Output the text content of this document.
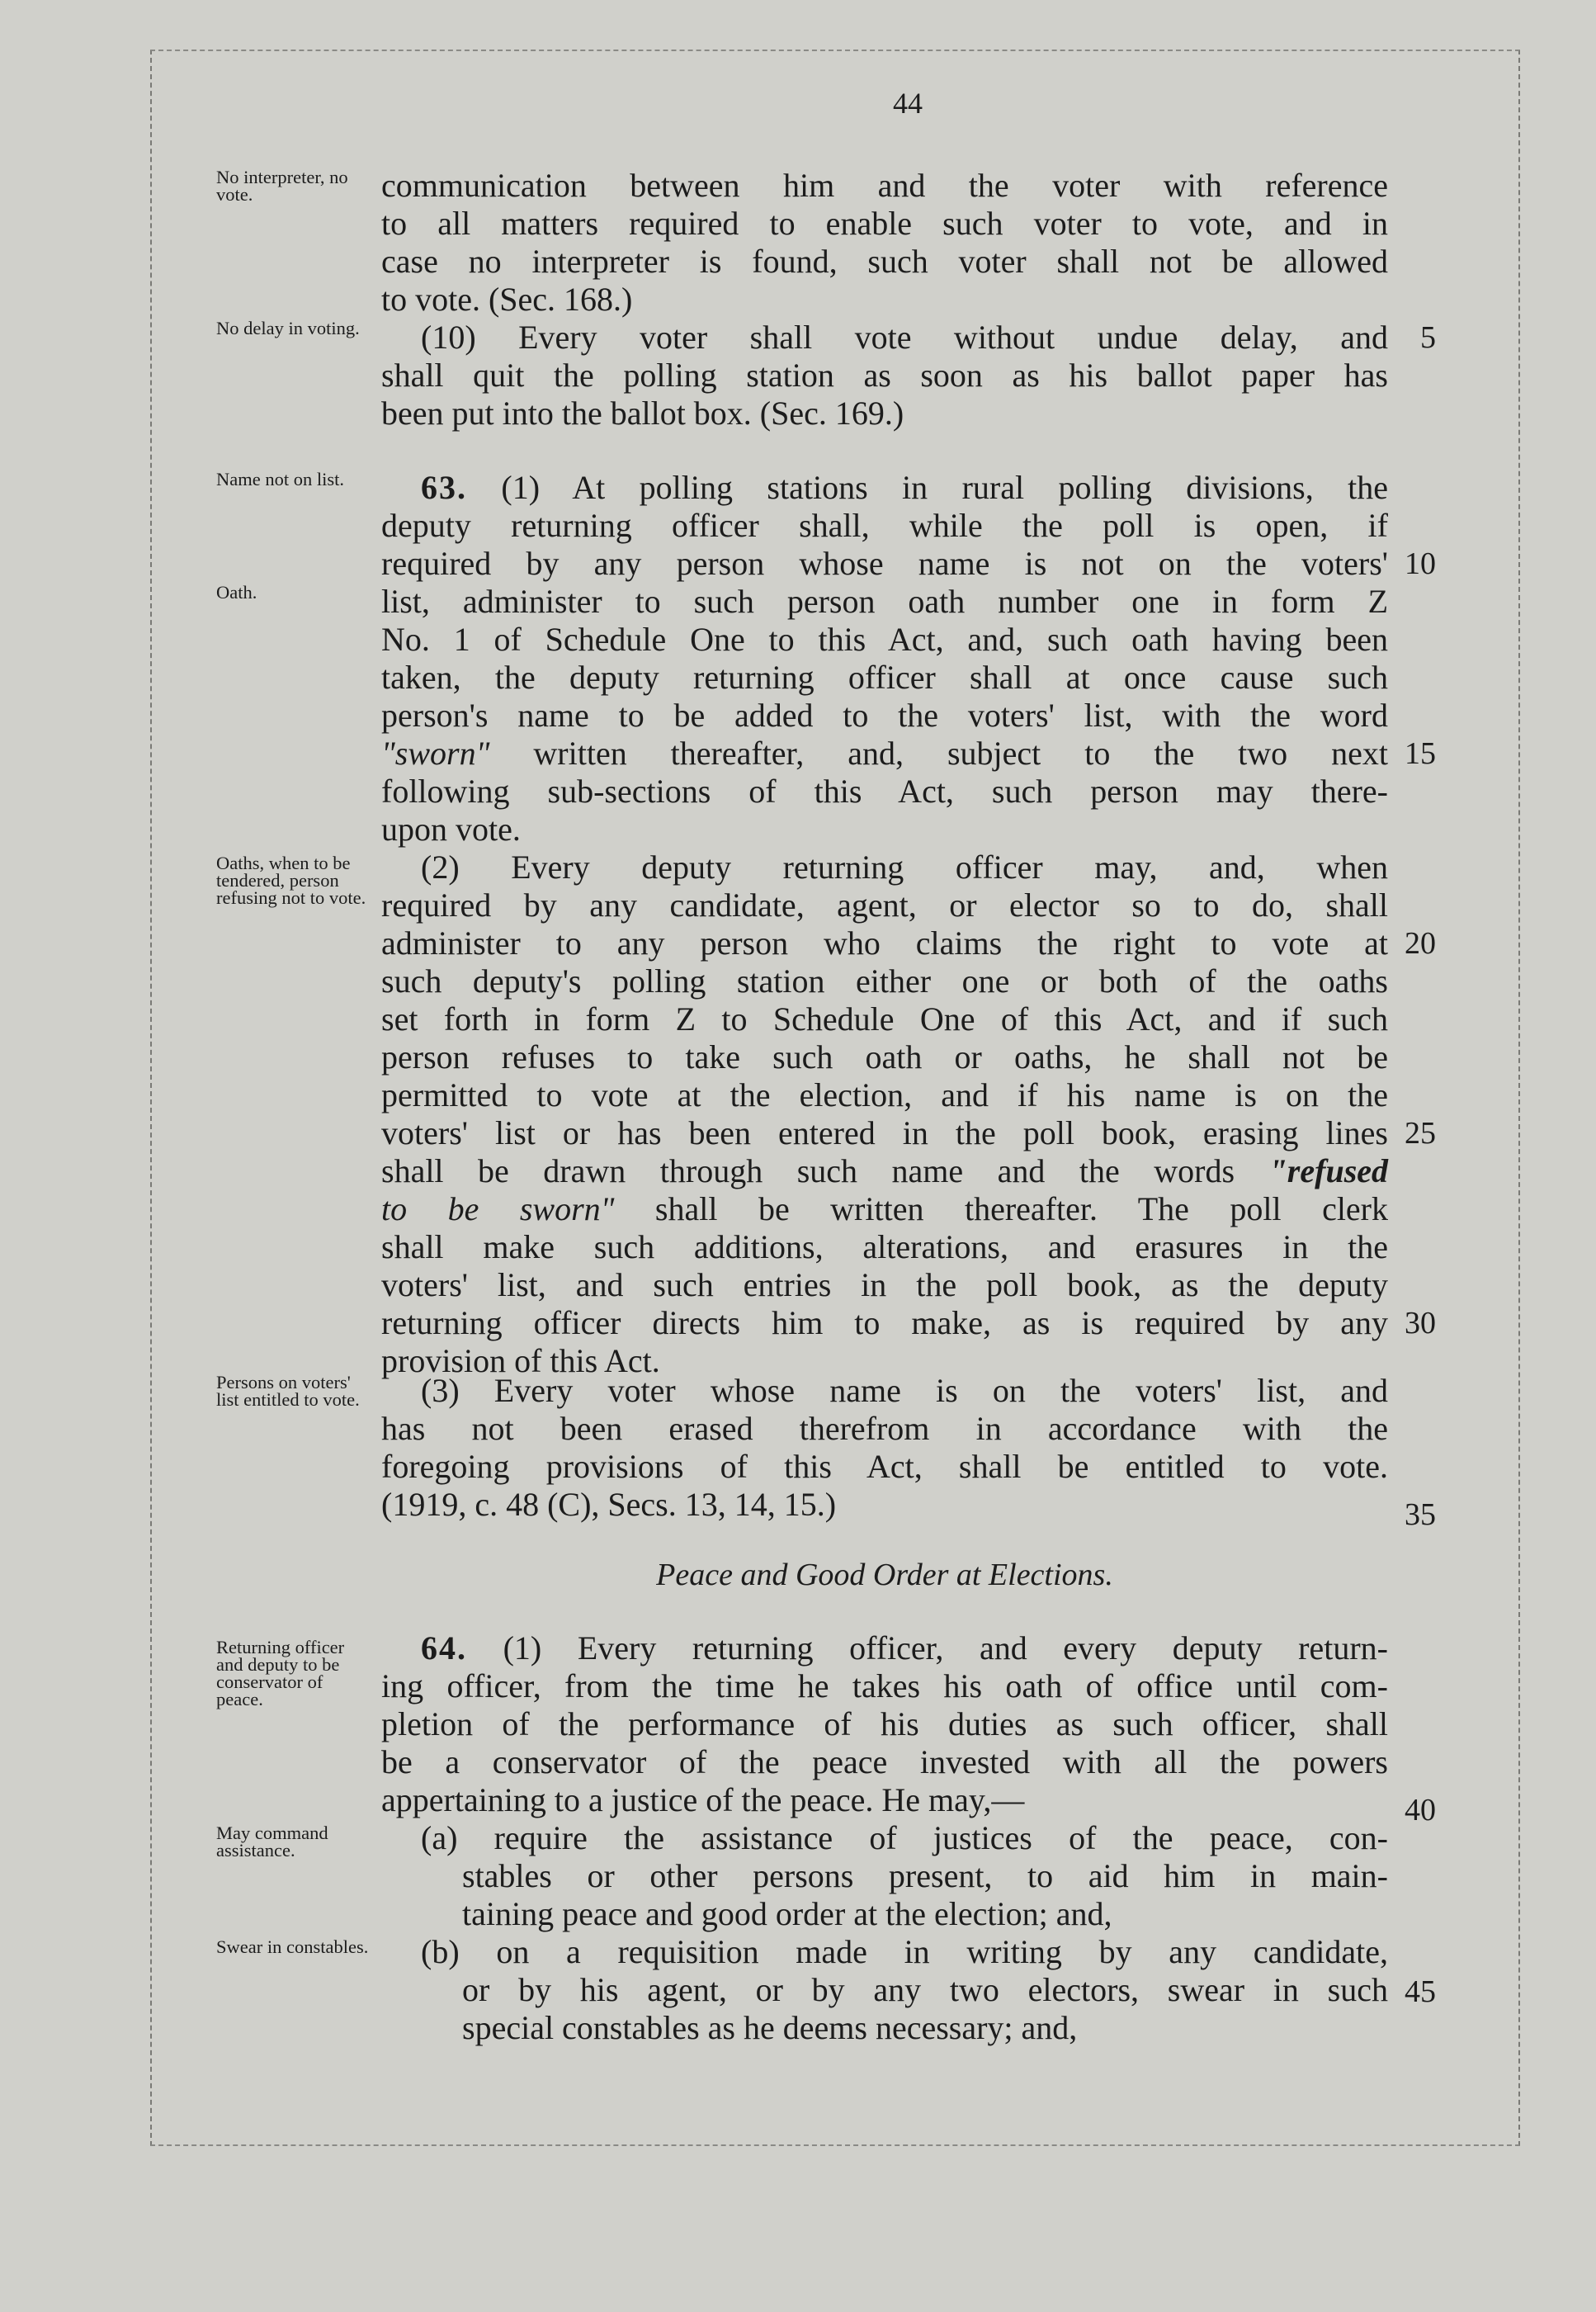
44
No interpreter, no vote.
No delay in voting.
Name not on list.
Oath.
Oaths, when to be tendered, person refusing not to vote.
Persons on voters' list entitled to vote.
Returning officer and deputy to be conservator of peace.
May command assistance.
Swear in constables.
communication between him and the voter with reference
to all matters required to enable such voter to vote, and in
case no interpreter is found, such voter shall not be allowed
to vote. (Sec. 168.)
(10) Every voter shall vote without undue delay, and
shall quit the polling station as soon as his ballot paper has
been put into the ballot box. (Sec. 169.)
63. (1) At polling stations in rural polling divisions, the
deputy returning officer shall, while the poll is open, if
required by any person whose name is not on the voters'
list, administer to such person oath number one in form Z
No. 1 of Schedule One to this Act, and, such oath having been
taken, the deputy returning officer shall at once cause such
person's name to be added to the voters' list, with the word
"sworn" written thereafter, and, subject to the two next
following sub-sections of this Act, such person may there-
upon vote.
(2) Every deputy returning officer may, and, when
required by any candidate, agent, or elector so to do, shall
administer to any person who claims the right to vote at
such deputy's polling station either one or both of the oaths
set forth in form Z to Schedule One of this Act, and if such
person refuses to take such oath or oaths, he shall not be
permitted to vote at the election, and if his name is on the
voters' list or has been entered in the poll book, erasing lines
shall be drawn through such name and the words "refused
to be sworn" shall be written thereafter. The poll clerk
shall make such additions, alterations, and erasures in the
voters' list, and such entries in the poll book, as the deputy
returning officer directs him to make, as is required by any
provision of this Act.
(3) Every voter whose name is on the voters' list, and
has not been erased therefrom in accordance with the
foregoing provisions of this Act, shall be entitled to vote.
(1919, c. 48 (C), Secs. 13, 14, 15.)
Peace and Good Order at Elections.
64. (1) Every returning officer, and every deputy return-
ing officer, from the time he takes his oath of office until com-
pletion of the performance of his duties as such officer, shall
be a conservator of the peace invested with all the powers
appertaining to a justice of the peace. He may,—
(a) require the assistance of justices of the peace, con-
stables or other persons present, to aid him in main-
taining peace and good order at the election; and,
(b) on a requisition made in writing by any candidate,
or by his agent, or by any two electors, swear in such
special constables as he deems necessary; and,
5
10
15
20
25
30
35
40
45
